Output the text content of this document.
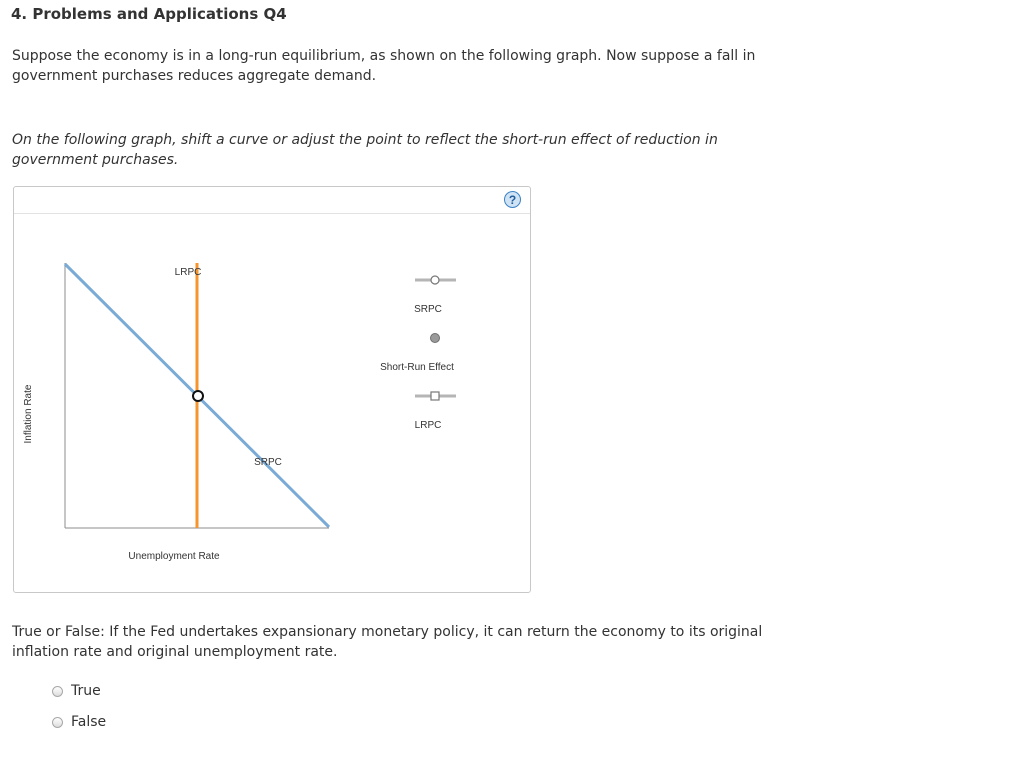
4. Problems and Applications Q4
Suppose the economy is in a long-run equilibrium, as shown on the following graph. Now suppose a fall in government purchases reduces aggregate demand.
On the following graph, shift a curve or adjust the point to reflect the short-run effect of reduction in government purchases.
?
Unemployment Rate
Inflation Rate
SRPC
LRPC
SRPC
Short-Run Effect
LRPC
True or False: If the Fed undertakes expansionary monetary policy, it can return the economy to its original inflation rate and original unemployment rate.
True
False
